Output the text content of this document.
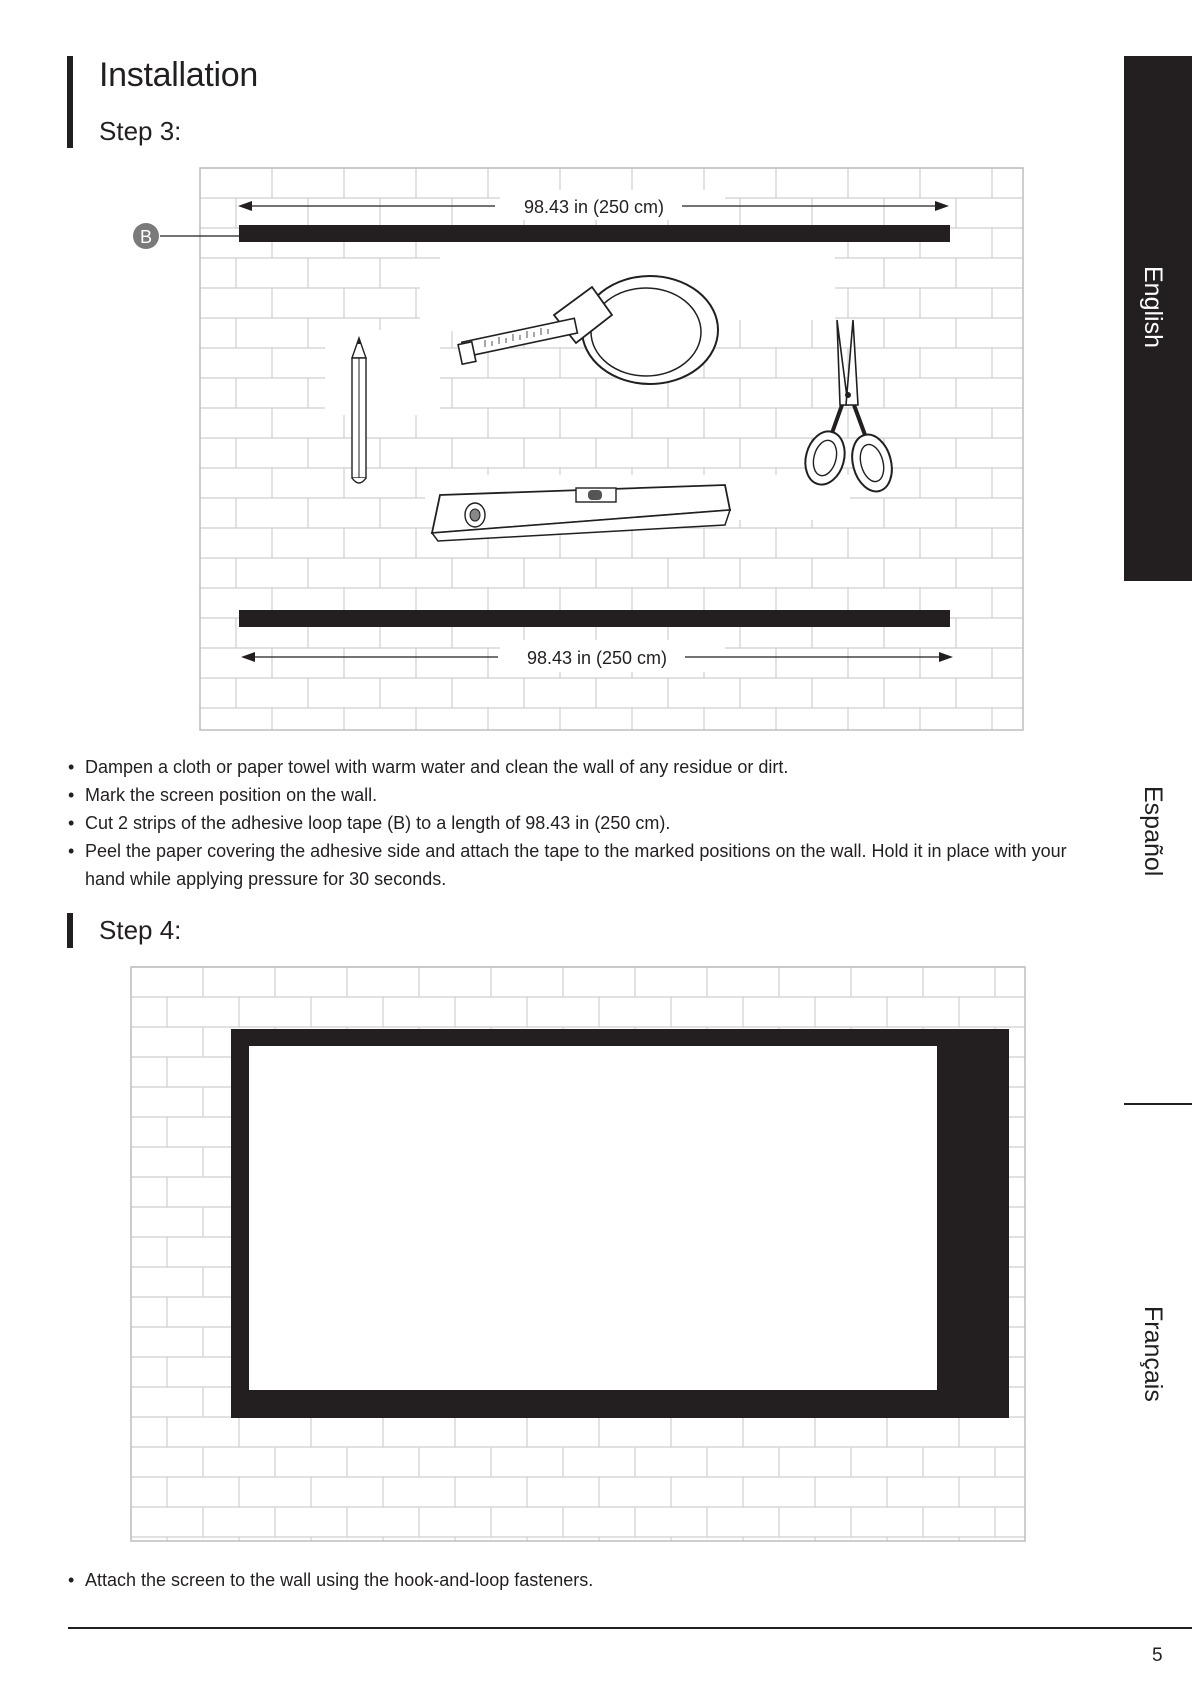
Installation
Step 3:
98.43 in (250 cm)
B
98.43 in (250 cm)
• Dampen a cloth or paper towel with warm water and clean the wall of any residue or dirt.
• Mark the screen position on the wall.
• Cut 2 strips of the adhesive loop tape (B) to a length of 98.43 in (250 cm).
• Peel the paper covering the adhesive side and attach the tape to the marked positions on the wall. Hold it in place with your hand while applying pressure for 30 seconds.
Step 4:
• Attach the screen to the wall using the hook-and-loop fasteners.
English
Español
Français
5
